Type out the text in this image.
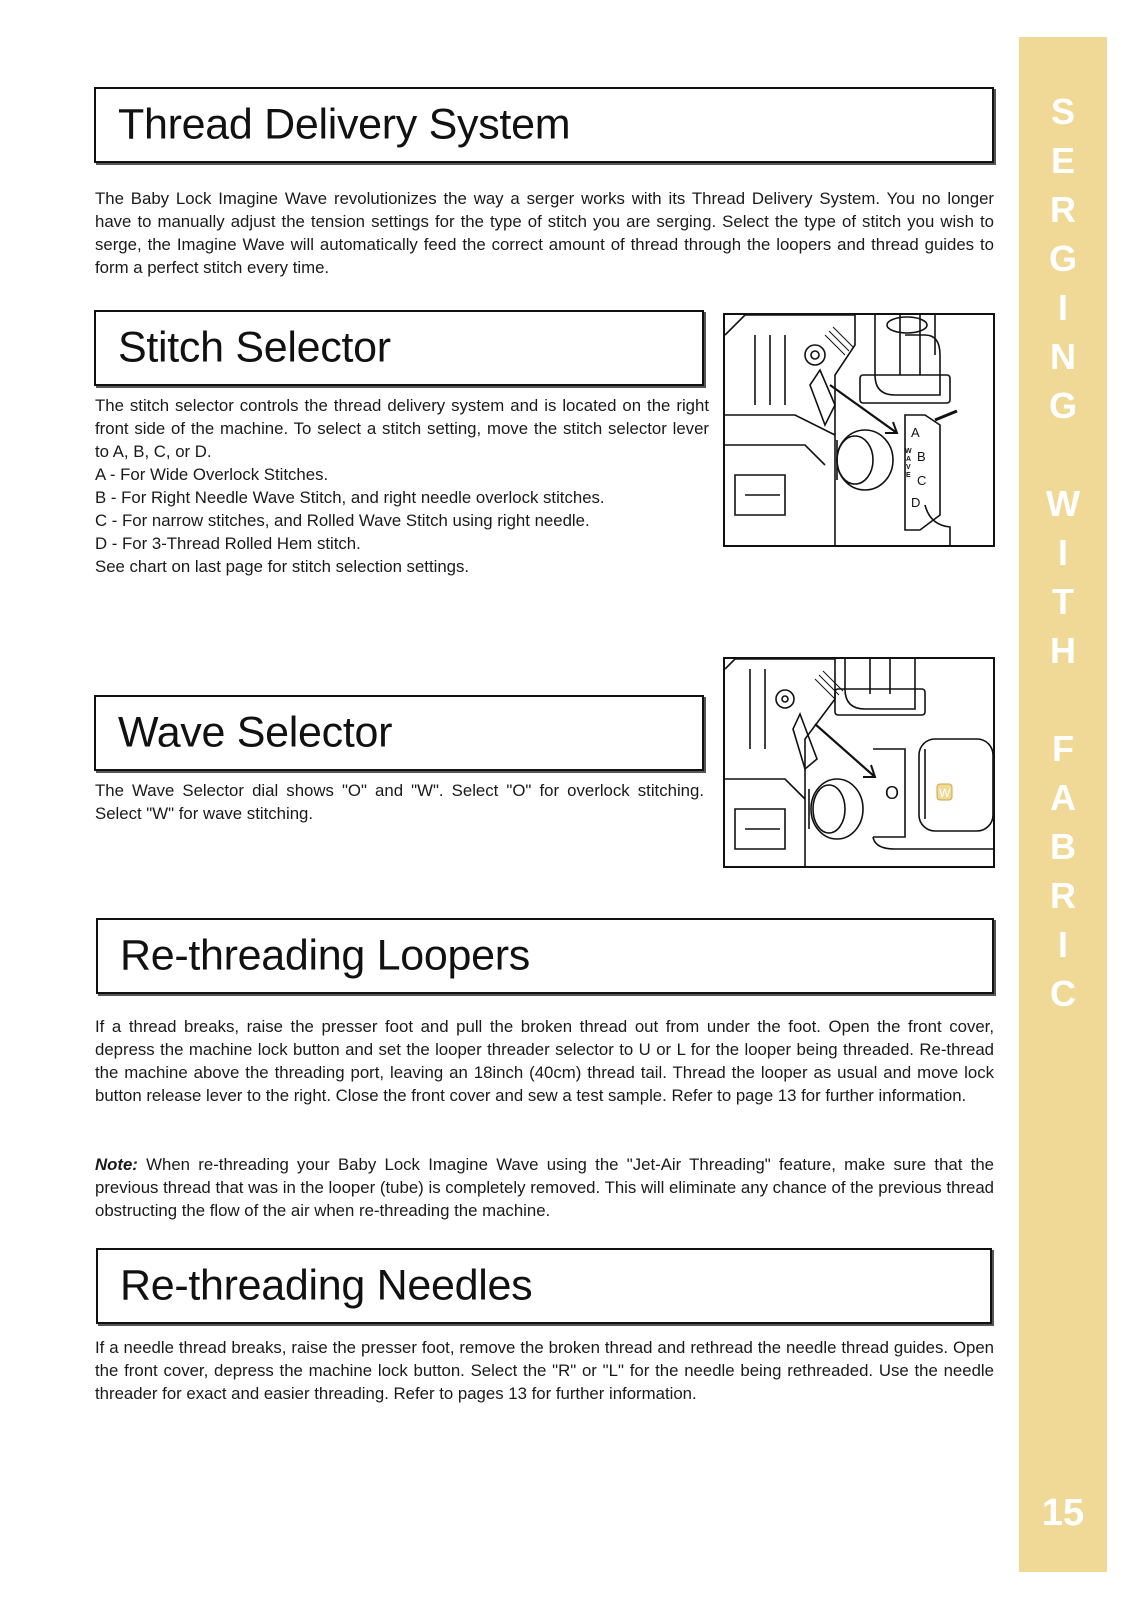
Thread Delivery System

The Baby Lock Imagine Wave revolutionizes the way a serger works with its Thread Delivery System. You no longer have to manually adjust the tension settings for the type of stitch you are serging. Select the type of stitch you wish to serge, the Imagine Wave will automatically feed the correct amount of thread through the loopers and thread guides to form a perfect stitch every time.

Stitch Selector
The stitch selector controls the thread delivery system and is located on the right front side of the machine. To select a stitch setting, move the stitch selector lever to A, B, C, or D.
A - For Wide Overlock Stitches.
B - For Right Needle Wave Stitch, and right needle overlock stitches.
C - For narrow stitches, and Rolled Wave Stitch using right needle.
D - For 3-Thread Rolled Hem stitch.
See chart on last page for stitch selection settings.
A
B
C
D
W
A
V
E
Wave Selector

The Wave Selector dial shows "O" and "W". Select "O" for overlock stitching. Select "W" for wave stitching.

O	W
Re-threading Loopers

If a thread breaks, raise the presser foot and pull the broken thread out from under the foot. Open the front cover, depress the machine lock button and set the looper threader selector to U or L for the looper being threaded. Re-thread the machine above the threading port, leaving an 18inch (40cm) thread tail. Thread the looper as usual and move lock button release lever to the right. Close the front cover and sew a test sample. Refer to page 13 for further information.

Note: When re-threading your Baby Lock Imagine Wave using the "Jet-Air Threading" feature, make sure that the previous thread that was in the looper (tube) is completely removed. This will eliminate any chance of the previous thread obstructing the flow of the air when re-threading the machine.

Re-threading Needles

If a needle thread breaks, raise the presser foot, remove the broken thread and rethread the needle thread guides. Open the front cover, depress the machine lock button. Select the "R" or "L" for the needle being rethreaded. Use the needle threader for exact and easier threading. Refer to pages 13 for further information.

S
E
R
G
I
N
G
W
I
T
H
F
A
B
R
I
C
15
